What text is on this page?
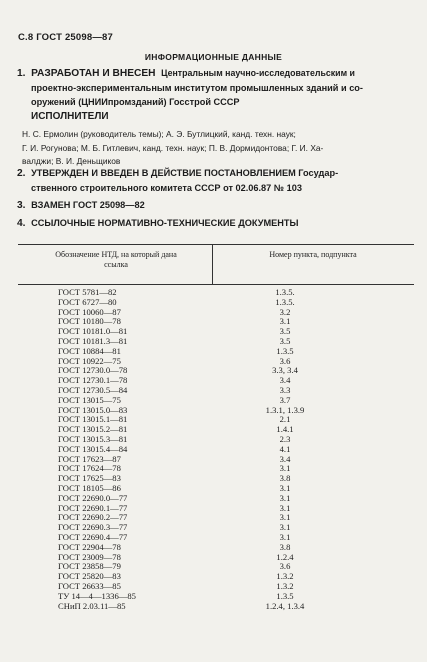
С.8 ГОСТ 25098—87
ИНФОРМАЦИОННЫЕ ДАННЫЕ
1. РАЗРАБОТАН И ВНЕСЕН Центральным научно-исследовательским и
проектно-экспериментальным институтом промышленных зданий и со-
оружений (ЦНИИпромзданий) Госстрой СССР
ИСПОЛНИТЕЛИ
Н. С. Ермолин (руководитель темы); А. Э. Бутлицкий, канд. техн. наук;
Г. И. Рогунова; М. Б. Гитлевич, канд. техн. наук; П. В. Дормидонтова; Г. И. Ха-
валджи; В. И. Деньщиков
2. УТВЕРЖДЕН И ВВЕДЕН В ДЕЙСТВИЕ ПОСТАНОВЛЕНИЕМ Государ-
ственного строительного комитета СССР от 02.06.87 № 103
3. ВЗАМЕН ГОСТ 25098—82
4. ССЫЛОЧНЫЕ НОРМАТИВНО-ТЕХНИЧЕСКИЕ ДОКУМЕНТЫ
Обозначение НТД, на который дана
ссылка
Номер пункта, подпункта
ГОСТ 5781—82	1.3.5.
ГОСТ 6727—80	1.3.5.
ГОСТ 10060—87	3.2
ГОСТ 10180—78	3.1
ГОСТ 10181.0—81	3.5
ГОСТ 10181.3—81	3.5
ГОСТ 10884—81	1.3.5
ГОСТ 10922—75	3.6
ГОСТ 12730.0—78	3.3, 3.4
ГОСТ 12730.1—78	3.4
ГОСТ 12730.5—84	3.3
ГОСТ 13015—75	3.7
ГОСТ 13015.0—83	1.3.1, 1.3.9
ГОСТ 13015.1—81	2.1
ГОСТ 13015.2—81	1.4.1
ГОСТ 13015.3—81	2.3
ГОСТ 13015.4—84	4.1
ГОСТ 17623—87	3.4
ГОСТ 17624—78	3.1
ГОСТ 17625—83	3.8
ГОСТ 18105—86	3.1
ГОСТ 22690.0—77	3.1
ГОСТ 22690.1—77	3.1
ГОСТ 22690.2—77	3.1
ГОСТ 22690.3—77	3.1
ГОСТ 22690.4—77	3.1
ГОСТ 22904—78	3.8
ГОСТ 23009—78	1.2.4
ГОСТ 23858—79	3.6
ГОСТ 25820—83	1.3.2
ГОСТ 26633—85	1.3.2
ТУ 14—4—1336—85	1.3.5
СНиП 2.03.11—85	1.2.4, 1.3.4
